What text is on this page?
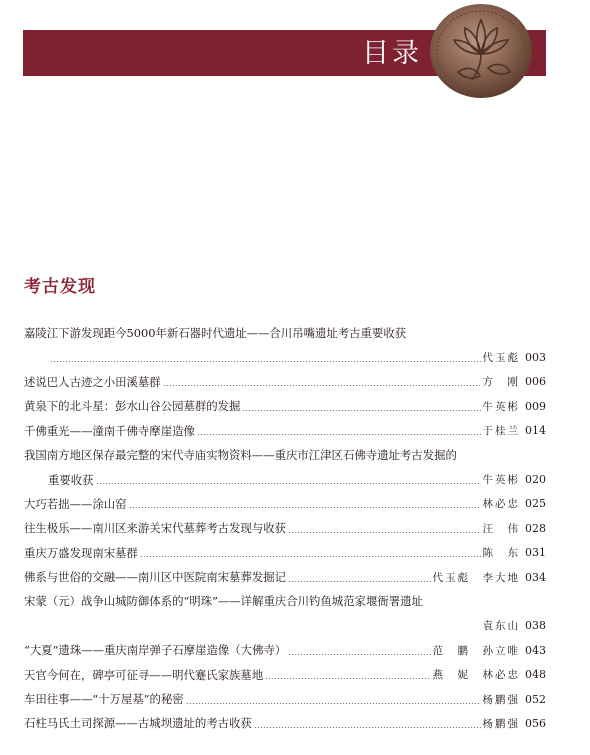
目录
考古发现
嘉陵江下游发现距今5000年新石器时代遗址——合川吊嘴遗址考古重要收获
代玉彪 003
述说巴人古迹之小田溪墓群	方　刚 006
黄泉下的北斗星：彭水山谷公园墓群的发掘	牛英彬 009
千佛重光——潼南千佛寺摩崖造像	于桂兰 014
我国南方地区保存最完整的宋代寺庙实物资料——重庆市江津区石佛寺遗址考古发掘的
重要收获	牛英彬 020
大巧若拙——涂山窑	林必忠 025
往生极乐——南川区来游关宋代墓葬考古发现与收获	汪　伟 028
重庆万盛发现南宋墓群	陈　东 031
佛系与世俗的交融——南川区中医院南宋墓葬发掘记	代玉彪　李大地 034
宋蒙（元）战争山城防御体系的“明珠”——详解重庆合川钓鱼城范家堰衙署遗址
袁东山 038
“大夏”遗珠——重庆南岸弹子石摩崖造像（大佛寺）	范　鹏　孙立唯 043
天官今何在，碑亭可征寻——明代蹇氏家族墓地	燕　妮　林必忠 048
车田往事——“十万屋基”的秘密	杨鹏强 052
石柱马氏土司探源——古城坝遗址的考古收获	杨鹏强 056
